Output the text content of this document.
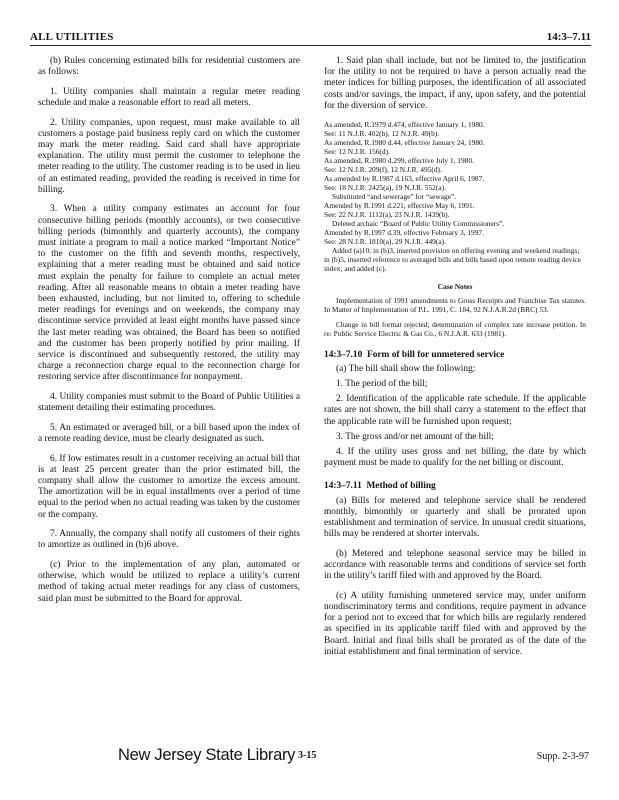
ALL UTILITIES	14:3–7.11

(b) Rules concerning estimated bills for residential customers are as follows:

1. Utility companies shall maintain a regular meter reading schedule and make a reasonable effort to read all meters.

2. Utility companies, upon request, must make available to all customers a postage paid business reply card on which the customer may mark the meter reading. Said card shall have appropriate explanation. The utility must permit the customer to telephone the meter reading to the utility. The customer reading is to be used in lieu of an estimated reading, provided the reading is received in time for billing.

3. When a utility company estimates an account for four consecutive billing periods (monthly accounts), or two consecutive billing periods (bimonthly and quarterly accounts), the company must initiate a program to mail a notice marked “Important Notice” to the customer on the fifth and seventh months, respectively, explaining that a meter reading must be obtained and said notice must explain the penalty for failure to complete an actual meter reading. After all reasonable means to obtain a meter reading have been exhausted, including, but not limited to, offering to schedule meter readings for evenings and on weekends, the company may discontinue service provided at least eight months have passed since the last meter reading was obtained, the Board has been so notified and the customer has been properly notified by prior mailing. If service is discontinued and subsequently restored, the utility may charge a reconnection charge equal to the reconnection charge for restoring service after discontinuance for nonpayment.

4. Utility companies must submit to the Board of Public Utilities a statement detailing their estimating procedures.

5. An estimated or averaged bill, or a bill based upon the index of a remote reading device, must be clearly designated as such.

6. If low estimates result in a customer receiving an actual bill that is at least 25 percent greater than the prior estimated bill, the company shall allow the customer to amortize the excess amount. The amortization will be in equal installments over a period of time equal to the period when no actual reading was taken by the customer or the company.

7. Annually, the company shall notify all customers of their rights to amortize as outlined in (b)6 above.

(c) Prior to the implementation of any plan, automated or otherwise, which would be utilized to replace a utility’s current method of taking actual meter readings for any class of customers, said plan must be submitted to the Board for approval.

1. Said plan shall include, but not be limited to, the justification for the utility to not be required to have a person actually read the meter indices for billing purposes, the identification of all associated costs and/or savings, the impact, if any, upon safety, and the potential for the diversion of service.

As amended, R.1979 d.474, effective January 1, 1980.

See: 11 N.J.R. 402(b), 12 N.J.R. 49(b).

As amended, R.1980 d.44, effective January 24, 1980.

See: 12 N.J.R. 156(d).

As amended, R.1980 d.299, effective July 1, 1980.

See: 12 N.J.R. 209(f), 12 N.J.R. 495(d).

As amended by R.1987 d.163, effective April 6, 1987.

See: 18 N.J.R. 2425(a), 19 N.J.R. 552(a).

Substituted “and sewerage” for “sewage”.

Amended by R.1991 d.221, effective May 6, 1991.

See: 22 N.J.R. 1112(a), 23 N.J.R. 1439(b).

Deleted archaic “Board of Public Utility Commissioners”.

Amended by R.1997 d.39, effective February 3, 1997.

See: 28 N.J.R. 1810(a), 29 N.J.R. 449(a).

Added (a)10; in (b)3, inserted provision on offering evening and weekend readings; in (b)5, inserted reference to averaged bills and bills based upon remote reading device index; and added (c).

Case Notes

Implementation of 1991 amendments to Gross Receipts and Franchise Tax statutes. In Matter of Implementation of P.L. 1991, C. 184, 92 N.J.A.R.2d (BRC) 53.

Change in bill format rejected; determination of complex rate increase petition. In re: Public Service Electric & Gas Co., 6 N.J.A.R. 633 (1981).

14:3–7.10 Form of bill for unmetered service

(a) The bill shall show the following:

1. The period of the bill;

2. Identification of the applicable rate schedule. If the applicable rates are not shown, the bill shall carry a statement to the effect that the applicable rate will be furnished upon request;

3. The gross and/or net amount of the bill;

4. If the utility uses gross and net billing, the date by which payment must be made to qualify for the net billing or discount.

14:3–7.11 Method of billing

(a) Bills for metered and telephone service shall be rendered monthly, bimonthly or quarterly and shall be prorated upon establishment and termination of service. In unusual credit situations, bills may be rendered at shorter intervals.

(b) Metered and telephone seasonal service may be billed in accordance with reasonable terms and conditions of service set forth in the utility’s tariff filed with and approved by the Board.

(c) A utility furnishing unmetered service may, under uniform nondiscriminatory terms and conditions, require payment in advance for a period not to exceed that for which bills are regularly rendered as specified in its applicable tariff filed with and approved by the Board. Initial and final bills shall be prorated as of the date of the initial establishment and final termination of service.

New Jersey State Library 3-15	Supp. 2-3-97
